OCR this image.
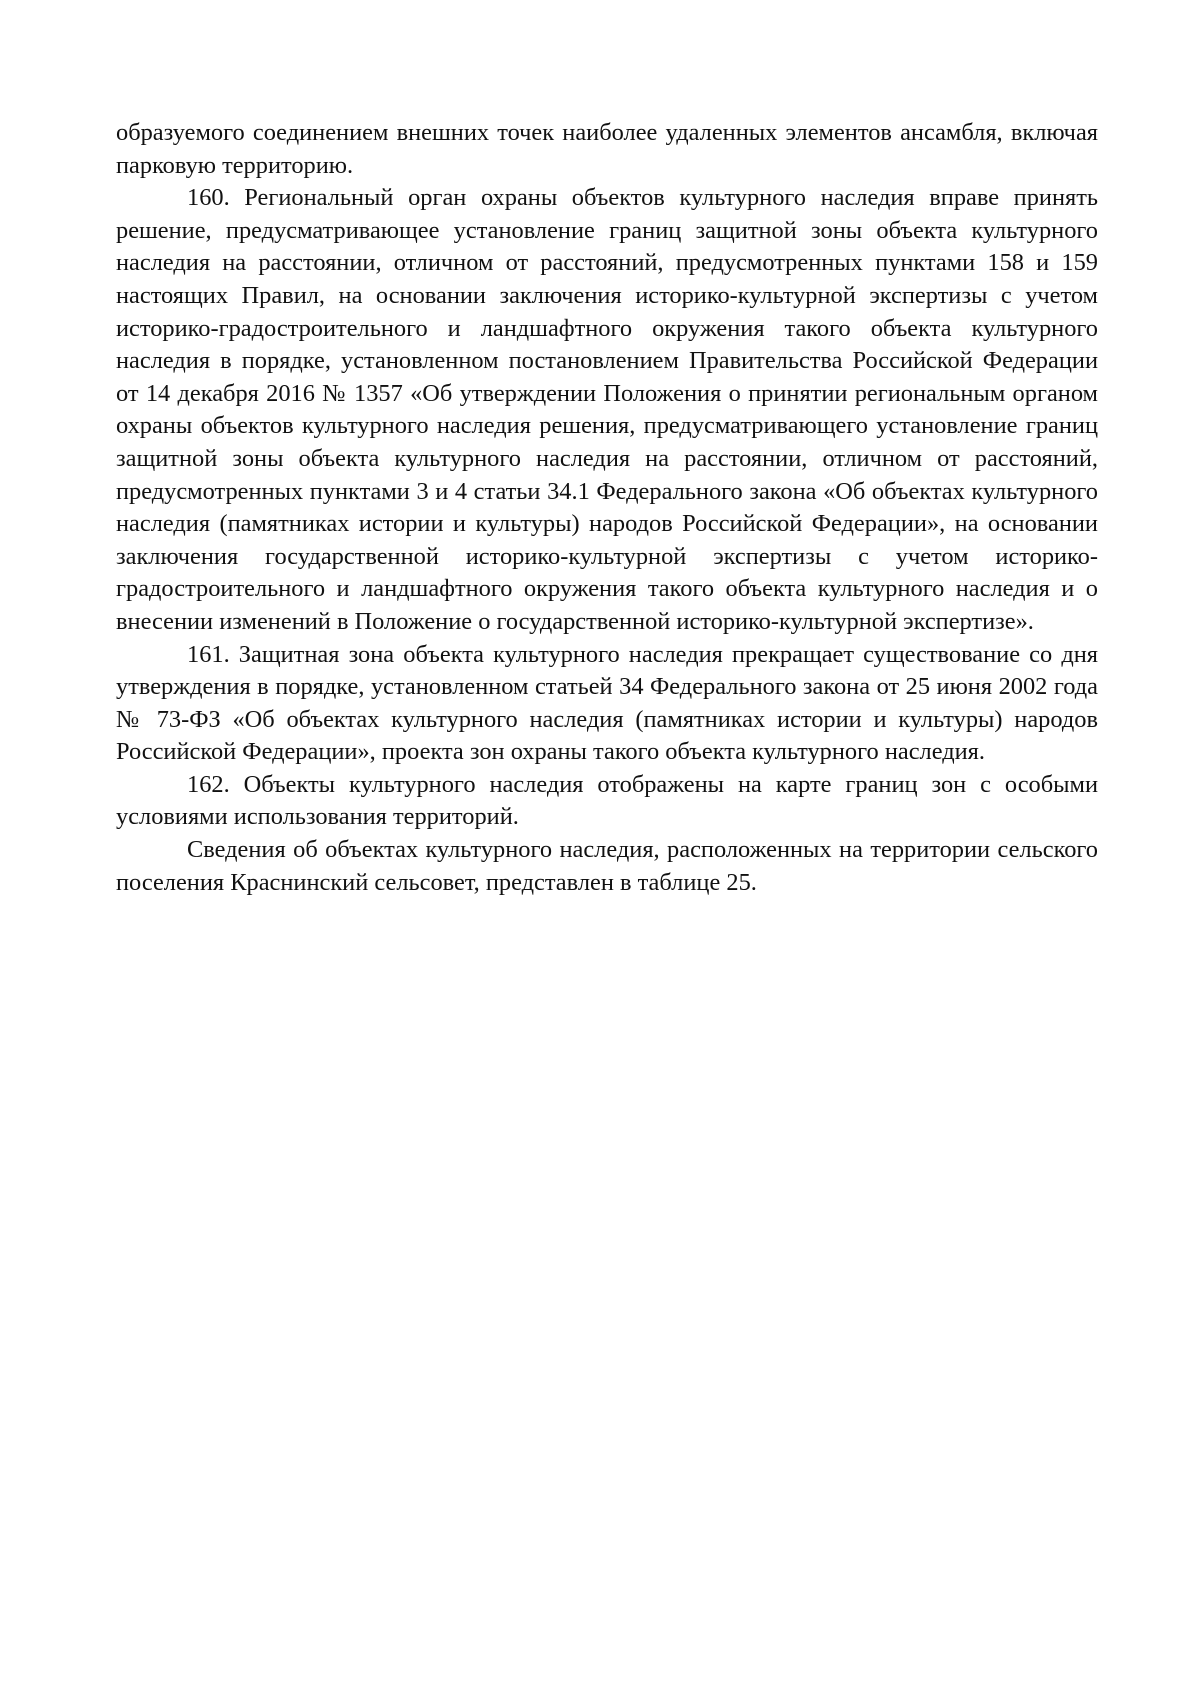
образуемого соединением внешних точек наиболее удаленных элементов ансамбля, включая парковую территорию.

160. Региональный орган охраны объектов культурного наследия вправе принять решение, предусматривающее установление границ защитной зоны объекта культурного наследия на расстоянии, отличном от расстояний, предусмотренных пунктами 158 и 159 настоящих Правил, на основании заключения историко-культурной экспертизы с учетом историко-градостроительного и ландшафтного окружения такого объекта культурного наследия в порядке, установленном постановлением Правительства Российской Федерации от 14 декабря 2016 № 1357 «Об утверждении Положения о принятии региональным органом охраны объектов культурного наследия решения, предусматривающего установление границ защитной зоны объекта культурного наследия на расстоянии, отличном от расстояний, предусмотренных пунктами 3 и 4 статьи 34.1 Федерального закона «Об объектах культурного наследия (памятниках истории и культуры) народов Российской Федерации», на основании заключения государственной историко-культурной экспертизы с учетом историко-градостроительного и ландшафтного окружения такого объекта культурного наследия и о внесении изменений в Положение о государственной историко-культурной экспертизе».

161. Защитная зона объекта культурного наследия прекращает существование со дня утверждения в порядке, установленном статьей 34 Федерального закона от 25 июня 2002 года № 73-ФЗ «Об объектах культурного наследия (памятниках истории и культуры) народов Российской Федерации», проекта зон охраны такого объекта культурного наследия.

162. Объекты культурного наследия отображены на карте границ зон с особыми условиями использования территорий.

Сведения об объектах культурного наследия, расположенных на территории сельского поселения Краснинский сельсовет, представлен в таблице 25.
